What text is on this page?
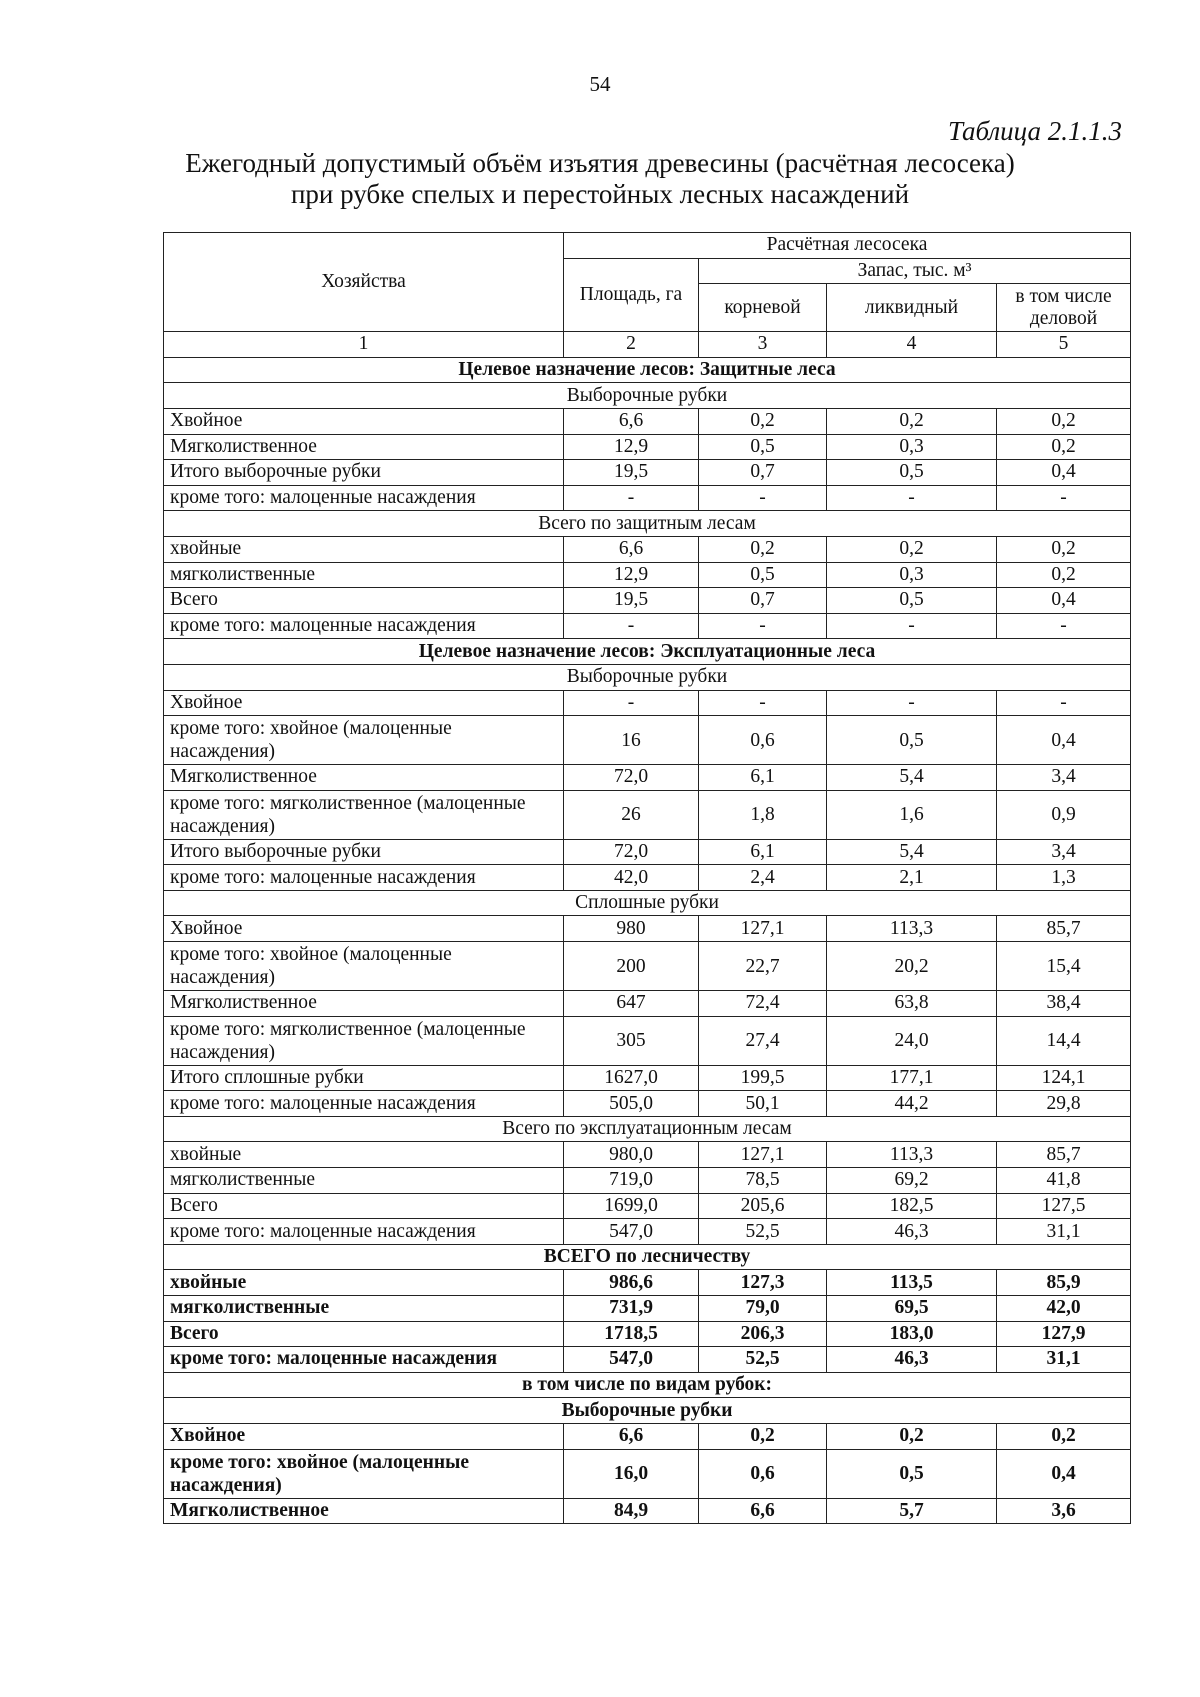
54
Таблица 2.1.1.3
Ежегодный допустимый объём изъятия древесины (расчётная лесосека)
при рубке спелых и перестойных лесных насаждений
Хозяйства	Расчётная лесосека			
	Площадь, га	Запас, тыс. м³		
		корневой	ликвидный	в том числе деловой
1	2	3	4	5
Целевое назначение лесов: Защитные леса				
Выборочные рубки				
Хвойное	6,6	0,2	0,2	0,2
Мягколиственное	12,9	0,5	0,3	0,2
Итого выборочные рубки	19,5	0,7	0,5	0,4
кроме того: малоценные насаждения	-	-	-	-
Всего по защитным лесам				
хвойные	6,6	0,2	0,2	0,2
мягколиственные	12,9	0,5	0,3	0,2
Всего	19,5	0,7	0,5	0,4
кроме того: малоценные насаждения	-	-	-	-
Целевое назначение лесов: Эксплуатационные леса				
Выборочные рубки				
Хвойное	-	-	-	-
кроме того: хвойное (малоценные насаждения)	16	0,6	0,5	0,4
Мягколиственное	72,0	6,1	5,4	3,4
кроме того: мягколиственное (малоценные насаждения)	26	1,8	1,6	0,9
Итого выборочные рубки	72,0	6,1	5,4	3,4
кроме того: малоценные насаждения	42,0	2,4	2,1	1,3
Сплошные рубки				
Хвойное	980	127,1	113,3	85,7
кроме того: хвойное (малоценные насаждения)	200	22,7	20,2	15,4
Мягколиственное	647	72,4	63,8	38,4
кроме того: мягколиственное (малоценные насаждения)	305	27,4	24,0	14,4
Итого сплошные рубки	1627,0	199,5	177,1	124,1
кроме того: малоценные насаждения	505,0	50,1	44,2	29,8
Всего по эксплуатационным лесам				
хвойные	980,0	127,1	113,3	85,7
мягколиственные	719,0	78,5	69,2	41,8
Всего	1699,0	205,6	182,5	127,5
кроме того: малоценные насаждения	547,0	52,5	46,3	31,1
ВСЕГО по лесничеству				
хвойные	986,6	127,3	113,5	85,9
мягколиственные	731,9	79,0	69,5	42,0
Всего	1718,5	206,3	183,0	127,9
кроме того: малоценные насаждения	547,0	52,5	46,3	31,1
в том числе по видам рубок:				
Выборочные рубки				
Хвойное	6,6	0,2	0,2	0,2
кроме того: хвойное (малоценные насаждения)	16,0	0,6	0,5	0,4
Мягколиственное	84,9	6,6	5,7	3,6
